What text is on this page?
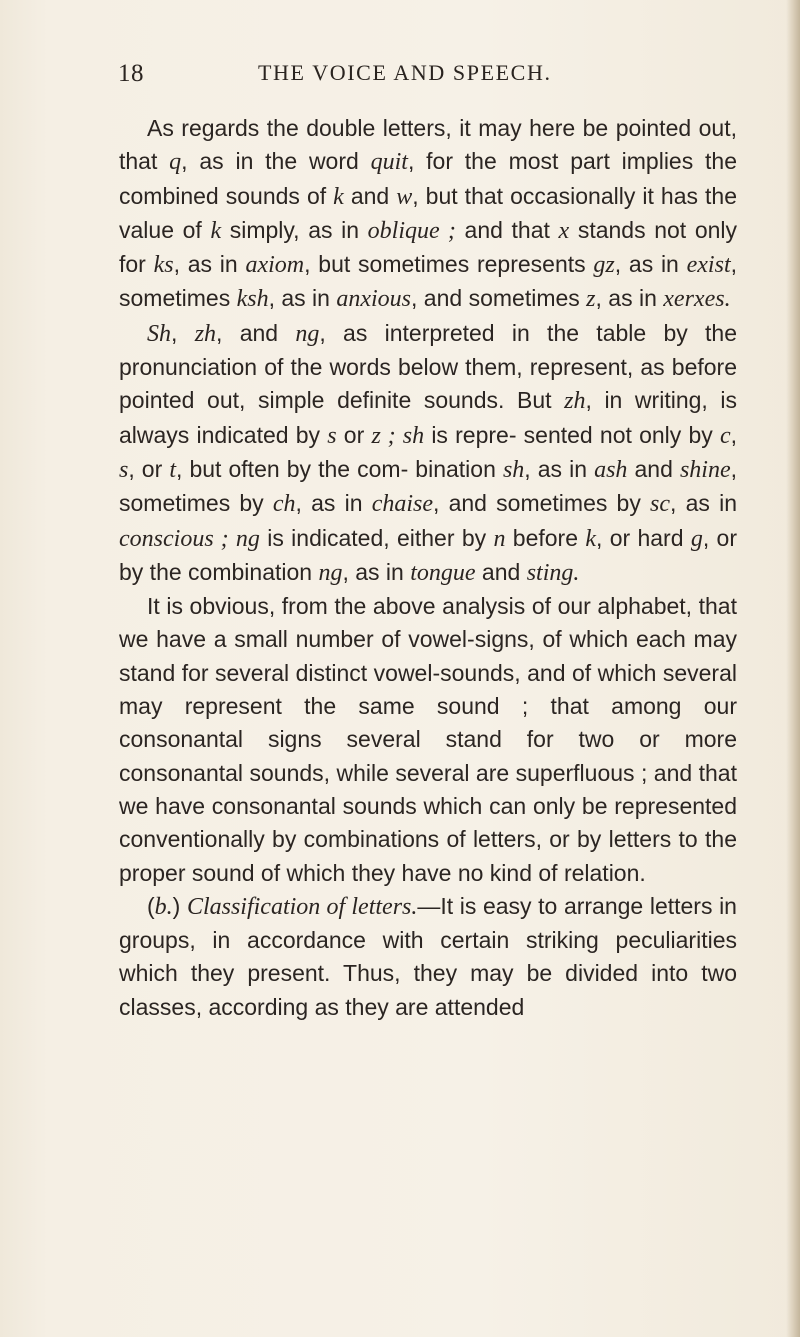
18	THE VOICE AND SPEECH.

As regards the double letters, it may here be pointed out, that q, as in the word quit, for the most part implies the combined sounds of k and w, but that occasionally it has the value of k simply, as in oblique ; and that x stands not only for ks, as in axiom, but sometimes represents gz, as in exist, sometimes ksh, as in anxious, and sometimes z, as in xerxes.

Sh, zh, and ng, as interpreted in the table by the pronunciation of the words below them, represent, as before pointed out, simple definite sounds. But zh, in writing, is always indicated by s or z ; sh is repre- sented not only by c, s, or t, but often by the com- bination sh, as in ash and shine, sometimes by ch, as in chaise, and sometimes by sc, as in conscious ; ng is indicated, either by n before k, or hard g, or by the combination ng, as in tongue and sting.

It is obvious, from the above analysis of our alphabet, that we have a small number of vowel-signs, of which each may stand for several distinct vowel-sounds, and of which several may represent the same sound ; that among our consonantal signs several stand for two or more consonantal sounds, while several are superfluous ; and that we have consonantal sounds which can only be represented conventionally by combinations of letters, or by letters to the proper sound of which they have no kind of relation.

(b.) Classification of letters.—It is easy to arrange letters in groups, in accordance with certain striking peculiarities which they present. Thus, they may be divided into two classes, according as they are attended
